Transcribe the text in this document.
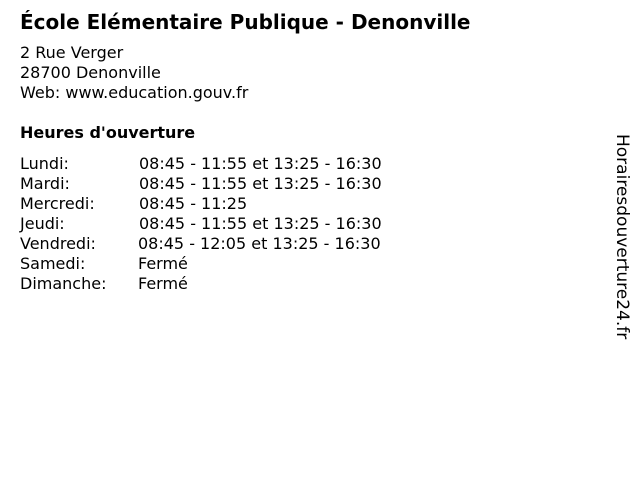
École Elémentaire Publique - Denonville
2 Rue Verger
28700 Denonville
Web: www.education.gouv.fr
Heures d'ouverture
Lundi:	08:45 - 11:55 et 13:25 - 16:30
Mardi:	08:45 - 11:55 et 13:25 - 16:30
Mercredi:	08:45 - 11:25
Jeudi:	08:45 - 11:55 et 13:25 - 16:30
Vendredi:	08:45 - 12:05 et 13:25 - 16:30
Samedi:	Fermé
Dimanche:	Fermé	Horairesdouverture24.fr
